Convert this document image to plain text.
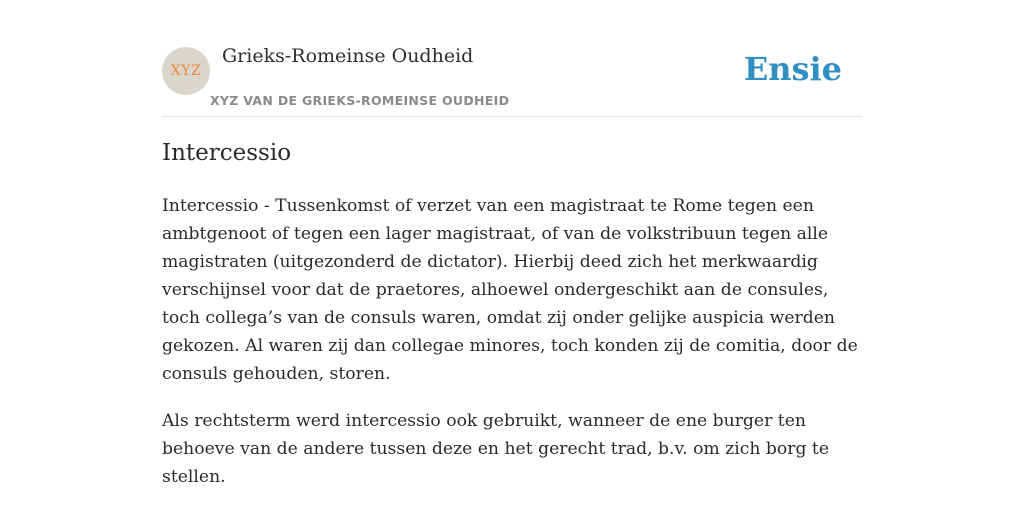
XYZ
Grieks-Romeinse Oudheid
XYZ VAN DE GRIEKS-ROMEINSE OUDHEID
Ensie
Intercessio

Intercessio - Tussenkomst of verzet van een magistraat te Rome tegen een ambtgenoot of tegen een lager magistraat, of van de volkstribuun tegen alle magistraten (uitgezonderd de dictator). Hierbij deed zich het merkwaardig verschijnsel voor dat de praetores, alhoewel ondergeschikt aan de consules, toch collega’s van de consuls waren, omdat zij onder gelijke auspicia werden gekozen. Al waren zij dan collegae minores, toch konden zij de comitia, door de consuls gehouden, storen.

Als rechtsterm werd intercessio ook gebruikt, wanneer de ene burger ten behoeve van de andere tussen deze en het gerecht trad, b.v. om zich borg te stellen.
